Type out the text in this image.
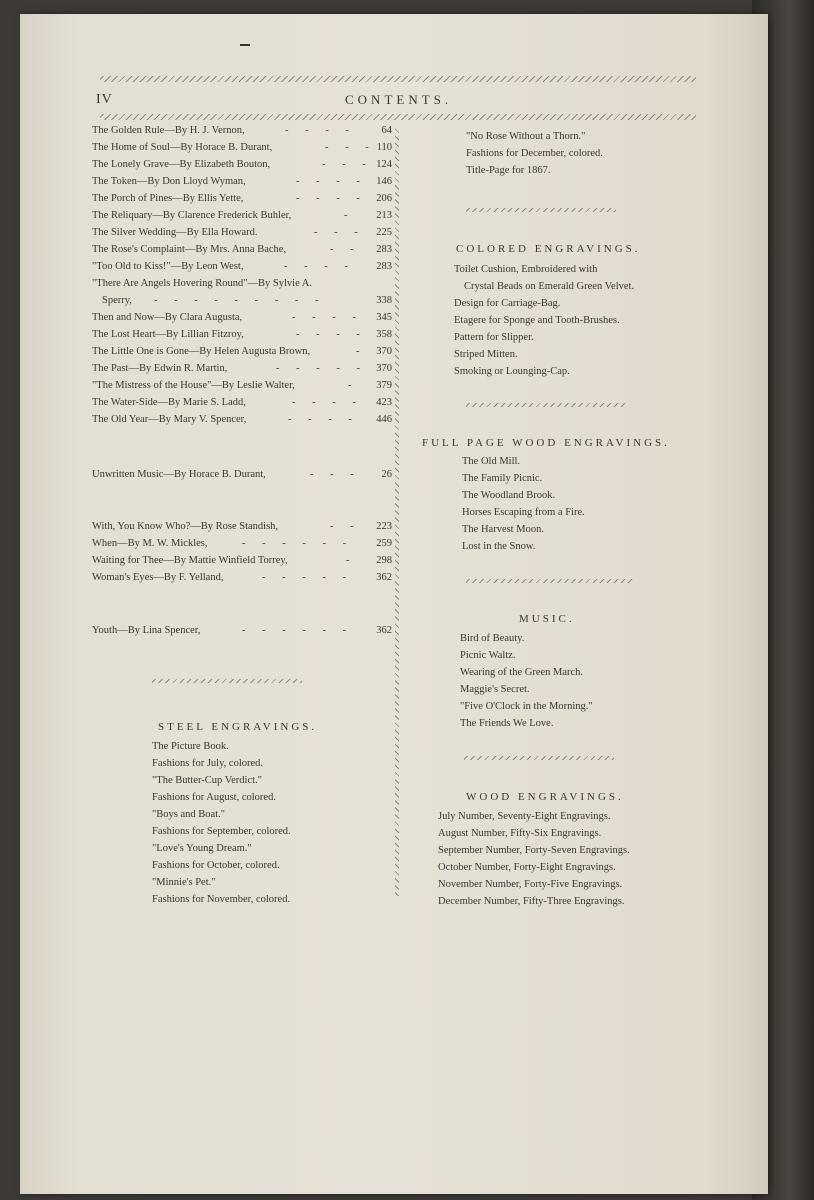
IV	CONTENTS.
The Golden Rule—By H. J. Vernon,	- - - - 64
The Home of Soul—By Horace B. Durant,	- - - 110
The Lonely Grave—By Elizabeth Bouton,	- - - 124
The Token—By Don Lloyd Wyman,	- - - - 146
The Porch of Pines—By Ellis Yette,	- - - - 206
The Reliquary—By Clarence Frederick Buhler,	- 213
The Silver Wedding—By Ella Howard.	- - - 225
The Rose's Complaint—By Mrs. Anna Bache,	- - 283
"Too Old to Kiss!"—By Leon West,	- - - - 283
"There Are Angels Hovering Round"—By Sylvie A.
Sperry, - - - - - - - - -	338
Then and Now—By Clara Augusta,	- - - - 345
The Lost Heart—By Lillian Fitzroy,	- - - - 358
The Little One is Gone—By Helen Augusta Brown,	- 370
The Past—By Edwin R. Martin,	- - - - - 370
"The Mistress of the House"—By Leslie Walter,	- 379
The Water-Side—By Marie S. Ladd,	- - - - 423
The Old Year—By Mary V. Spencer,	- - - - 446
Unwritten Music—By Horace B. Durant,	- - - 26
With, You Know Who?—By Rose Standish,	- - 223
When—By M. W. Mickles,	- - - - - - 259
Waiting for Thee—By Mattie Winfield Torrey,	- 298
Woman's Eyes—By F. Yelland,	- - - - - 362
Youth—By Lina Spencer,	- - - - - - 362
STEEL ENGRAVINGS.
The Picture Book.
Fashions for July, colored.
"The Butter-Cup Verdict."
Fashions for August, colored.
"Boys and Boat."
Fashions for September, colored.
"Love's Young Dream."
Fashions for October, colored.
"Minnie's Pet."
Fashions for November, colored.
"No Rose Without a Thorn."
Fashions for December, colored.
Title-Page for 1867.
COLORED ENGRAVINGS.
Toilet Cushion, Embroidered with
Crystal Beads on Emerald Green Velvet.
Design for Carriage-Bag.
Etagere for Sponge and Tooth-Brushes.
Pattern for Slipper.
Striped Mitten.
Smoking or Lounging-Cap.
FULL PAGE WOOD ENGRAVINGS.
The Old Mill.
The Family Picnic.
The Woodland Brook.
Horses Escaping from a Fire.
The Harvest Moon.
Lost in the Snow.
MUSIC.
Bird of Beauty.
Picnic Waltz.
Wearing of the Green March.
Maggie's Secret.
"Five O'Clock in the Morning."
The Friends We Love.
WOOD ENGRAVINGS.
July Number, Seventy-Eight Engravings.
August Number, Fifty-Six Engravings.
September Number, Forty-Seven Engravings.
October Number, Forty-Eight Engravings.
November Number, Forty-Five Engravings.
December Number, Fifty-Three Engravings.
